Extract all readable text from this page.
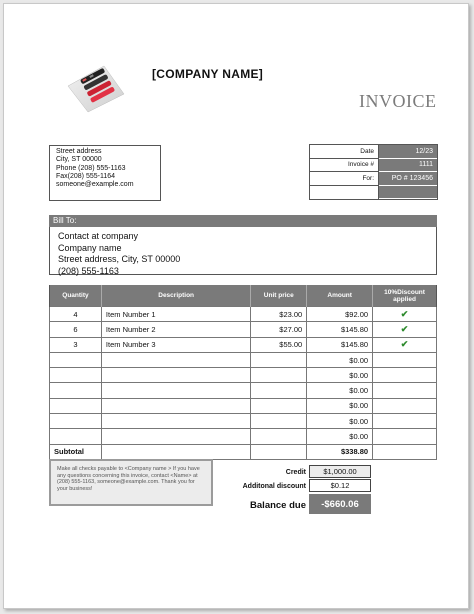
[COMPANY NAME]
INVOICE
Street address
City, ST 00000
Phone (208) 555-1163
Fax(208) 555-1164
someone@example.com
Date	12/23
Invoice #	1111
For:	PO # 123456

Bill To:
Contact at company
Company name
Street address, City, ST 00000
(208) 555-1163
Quantity	Description	Unit price	Amount	10%Discount applied
4	Item Number 1	$23.00	$92.00	✔
6	Item Number 2	$27.00	$145.80	✔
3	Item Number 3	$55.00	$145.80	✔
			$0.00	
			$0.00	
			$0.00	
			$0.00	
			$0.00	
			$0.00	
Subtotal			$338.80	
Make all checks payable to <Company name > If you have any questions concerning this invoice, contact <Name> at (208) 555-1163, someone@example.com. Thank you for your business!
Credit	$1,000.00
Additonal discount	$0.12
Balance due	-$660.06
